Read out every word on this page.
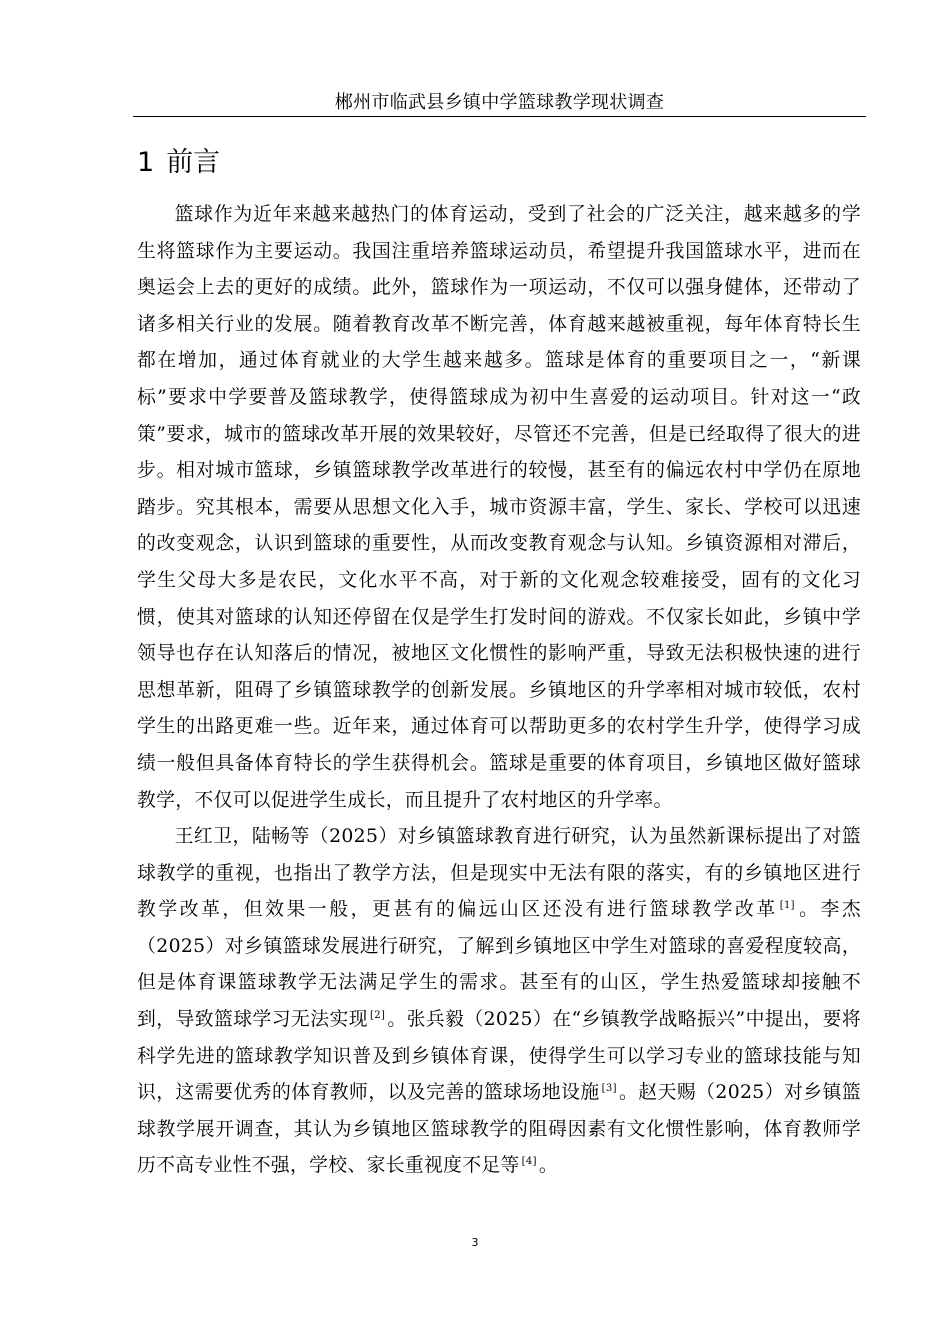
郴州市临武县乡镇中学篮球教学现状调查
1 前言

篮球作为近年来越来越热门的体育运动，受到了社会的广泛关注，越来越多的学生将篮球作为主要运动。我国注重培养篮球运动员，希望提升我国篮球水平，进而在奥运会上去的更好的成绩。此外，篮球作为一项运动，不仅可以强身健体，还带动了诸多相关行业的发展。随着教育改革不断完善，体育越来越被重视，每年体育特长生都在增加，通过体育就业的大学生越来越多。篮球是体育的重要项目之一，“新课标”要求中学要普及篮球教学，使得篮球成为初中生喜爱的运动项目。针对这一“政策”要求，城市的篮球改革开展的效果较好，尽管还不完善，但是已经取得了很大的进步。相对城市篮球，乡镇篮球教学改革进行的较慢，甚至有的偏远农村中学仍在原地踏步。究其根本，需要从思想文化入手，城市资源丰富，学生、家长、学校可以迅速的改变观念，认识到篮球的重要性，从而改变教育观念与认知。乡镇资源相对滞后，学生父母大多是农民，文化水平不高，对于新的文化观念较难接受，固有的文化习惯，使其对篮球的认知还停留在仅是学生打发时间的游戏。不仅家长如此，乡镇中学领导也存在认知落后的情况，被地区文化惯性的影响严重，导致无法积极快速的进行思想革新，阻碍了乡镇篮球教学的创新发展。乡镇地区的升学率相对城市较低，农村学生的出路更难一些。近年来，通过体育可以帮助更多的农村学生升学，使得学习成绩一般但具备体育特长的学生获得机会。篮球是重要的体育项目，乡镇地区做好篮球教学，不仅可以促进学生成长，而且提升了农村地区的升学率。

王红卫，陆畅等（2025）对乡镇篮球教育进行研究，认为虽然新课标提出了对篮球教学的重视，也指出了教学方法，但是现实中无法有限的落实，有的乡镇地区进行教学改革，但效果一般，更甚有的偏远山区还没有进行篮球教学改革 [1] 。李杰（2025）对乡镇篮球发展进行研究，了解到乡镇地区中学生对篮球的喜爱程度较高，但是体育课篮球教学无法满足学生的需求。甚至有的山区，学生热爱篮球却接触不到，导致篮球学习无法实现 [2] 。张兵毅（2025）在“乡镇教学战略振兴”中提出，要将科学先进的篮球教学知识普及到乡镇体育课，使得学生可以学习专业的篮球技能与知识，这需要优秀的体育教师，以及完善的篮球场地设施 [3] 。赵天赐（2025）对乡镇篮球教学展开调查，其认为乡镇地区篮球教学的阻碍因素有文化惯性影响，体育教师学历不高专业性不强，学校、家长重视度不足等 [4] 。

3
